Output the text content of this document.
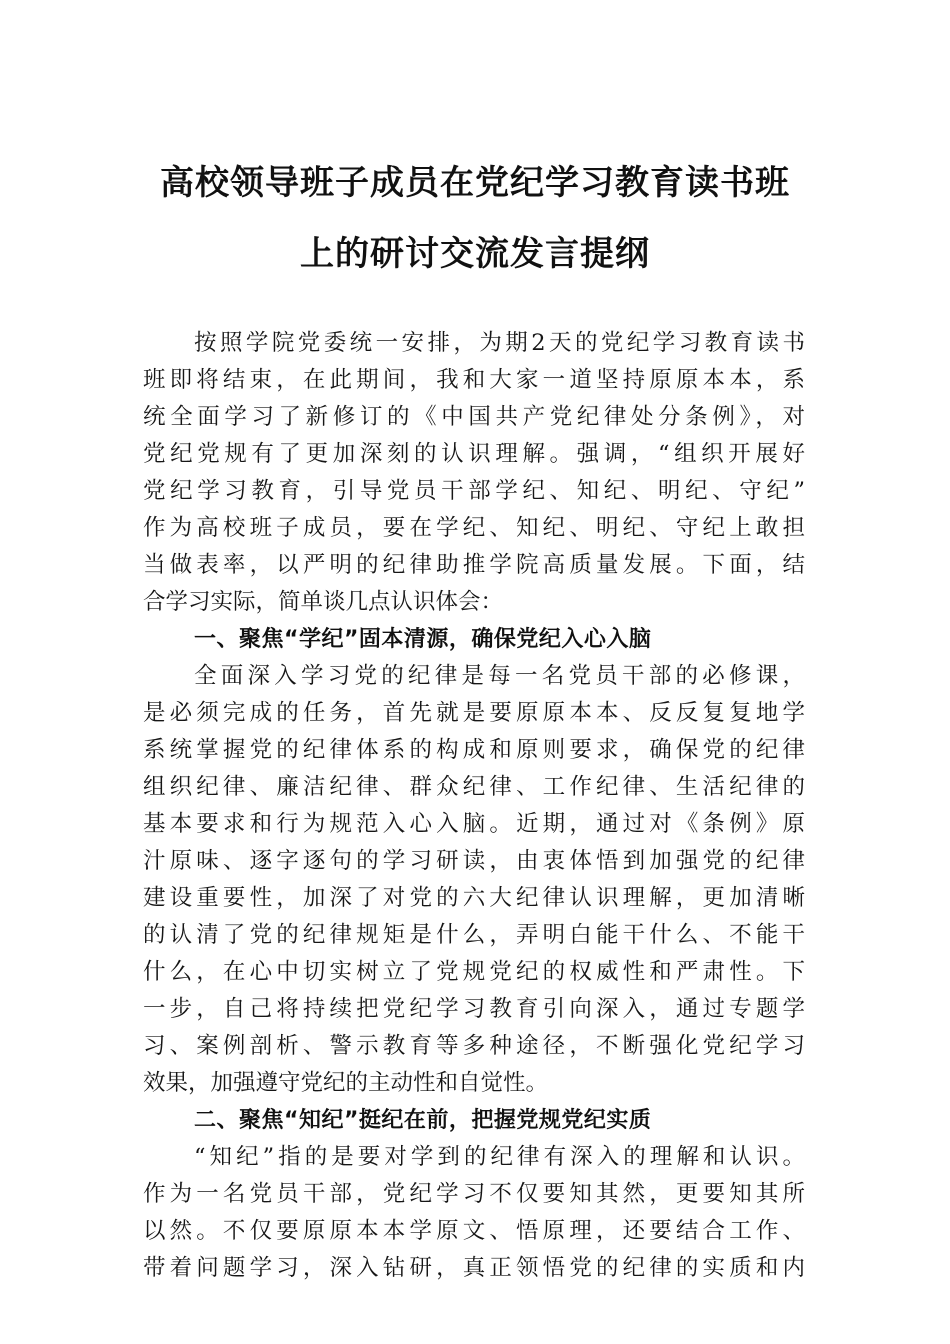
高校领导班子成员在党纪学习教育读书班
上的研讨交流发言提纲
按照学院党委统一安排，为期2天的党纪学习教育读书
班即将结束，在此期间，我和大家一道坚持原原本本，系
统全面学习了新修订的《中国共产党纪律处分条例》，对
党纪党规有了更加深刻的认识理解。强调，“组织开展好
党纪学习教育，引导党员干部学纪、知纪、明纪、守纪”
作为高校班子成员，要在学纪、知纪、明纪、守纪上敢担
当做表率，以严明的纪律助推学院高质量发展。下面，结
合学习实际，简单谈几点认识体会：
一、聚焦“学纪”固本清源，确保党纪入心入脑
全面深入学习党的纪律是每一名党员干部的必修课，
是必须完成的任务，首先就是要原原本本、反反复复地学
系统掌握党的纪律体系的构成和原则要求，确保党的纪律
组织纪律、廉洁纪律、群众纪律、工作纪律、生活纪律的
基本要求和行为规范入心入脑。近期，通过对《条例》原
汁原味、逐字逐句的学习研读，由衷体悟到加强党的纪律
建设重要性，加深了对党的六大纪律认识理解，更加清晰
的认清了党的纪律规矩是什么，弄明白能干什么、不能干
什么，在心中切实树立了党规党纪的权威性和严肃性。下
一步，自己将持续把党纪学习教育引向深入，通过专题学
习、案例剖析、警示教育等多种途径，不断强化党纪学习
效果，加强遵守党纪的主动性和自觉性。
二、聚焦“知纪”挺纪在前，把握党规党纪实质
“知纪”指的是要对学到的纪律有深入的理解和认识。
作为一名党员干部，党纪学习不仅要知其然，更要知其所
以然。不仅要原原本本学原文、悟原理，还要结合工作、
带着问题学习，深入钻研，真正领悟党的纪律的实质和内
